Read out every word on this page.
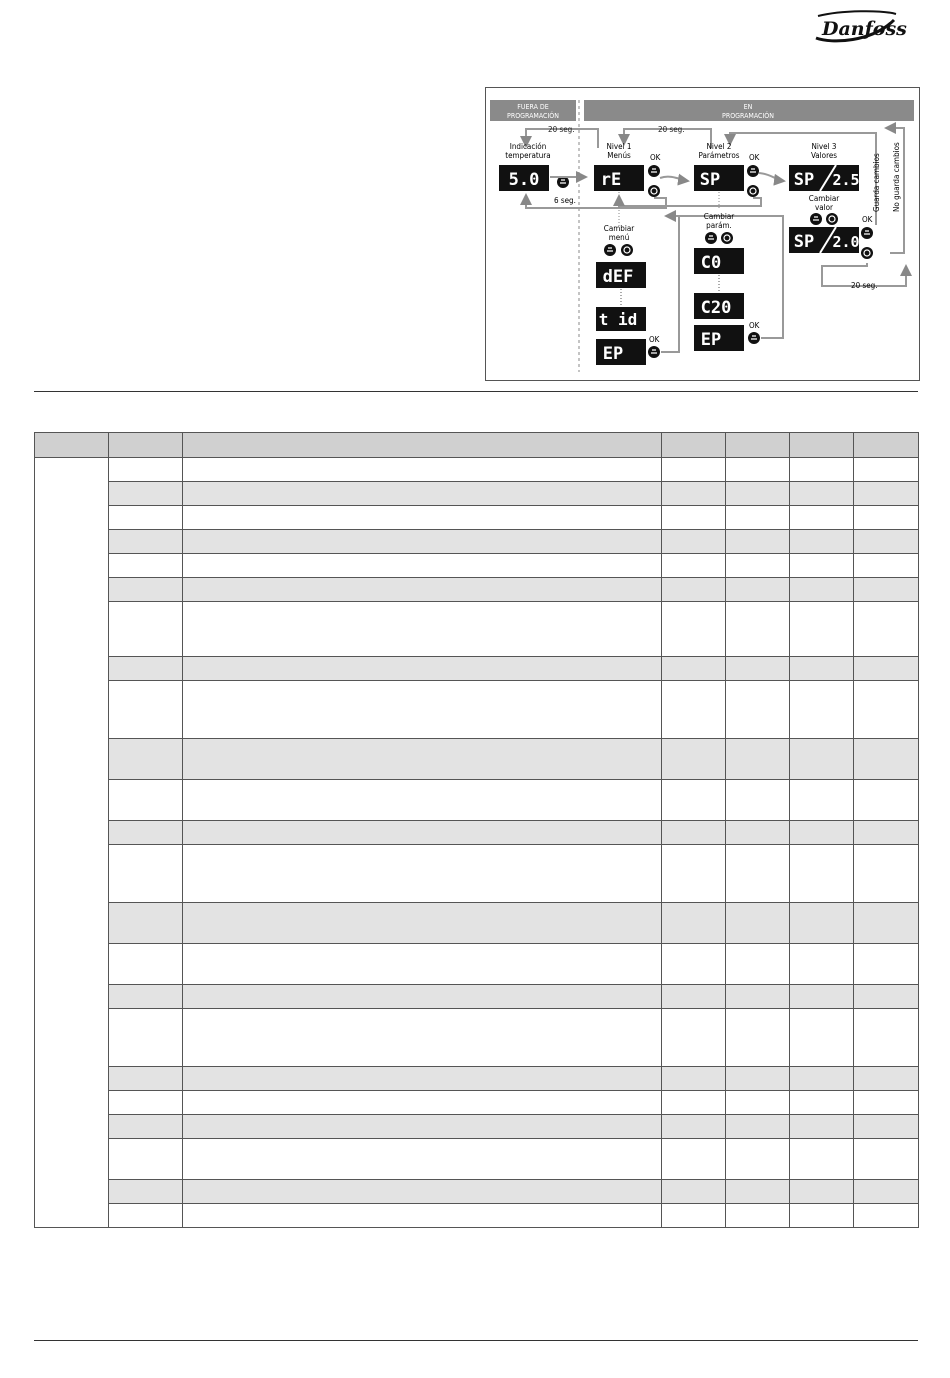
Danfoss
FUERA DE
PROGRAMACIÓN
EN
PROGRAMACIÓN
20 seg.	20 seg.
Indicación
temperatura
Nivel 1
Menús
Nivel 2
Parámetros
Nivel 3
Valores
5.0
6 seg.
rE
OK
SP
OK
SP 2.5
Cambiar
valor
SP 2.0
OK
20 seg.
Guarda cambios No guarda cambios
Cambiar
menú
dEF
t id
EP
OK
Cambiar
parám.
C0
C20
EP
OK
